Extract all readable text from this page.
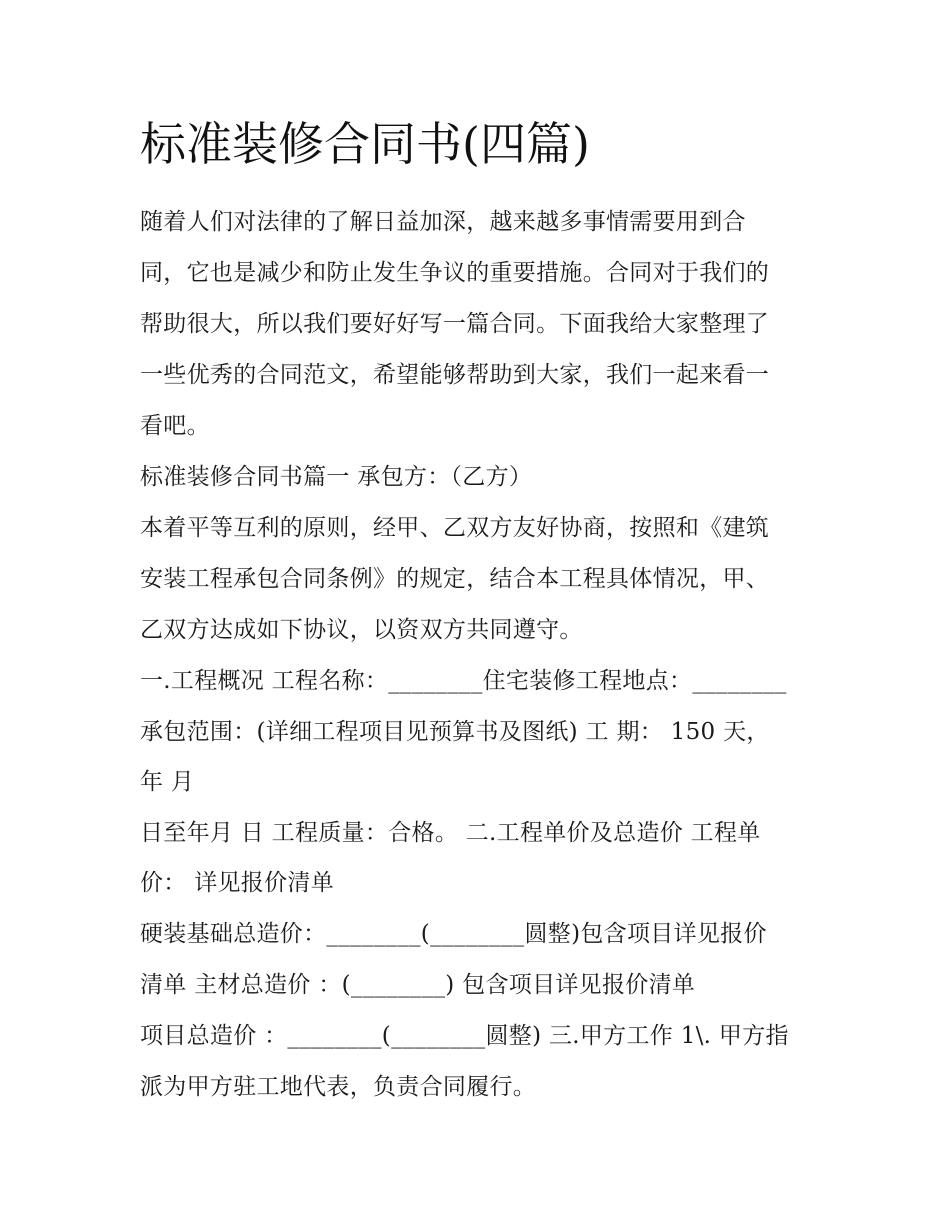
标准装修合同书(四篇)
随着人们对法律的了解日益加深，越来越多事情需要用到合
同，它也是减少和防止发生争议的重要措施。合同对于我们的
帮助很大，所以我们要好好写一篇合同。下面我给大家整理了
一些优秀的合同范文，希望能够帮助到大家，我们一起来看一
看吧。
标准装修合同书篇一 承包方：（乙方）
本着平等互利的原则，经甲、乙双方友好协商，按照和《建筑
安装工程承包合同条例》的规定，结合本工程具体情况，甲、
乙双方达成如下协议，以资双方共同遵守。
一.工程概况 工程名称：________住宅装修工程地点：________
承包范围：(详细工程项目见预算书及图纸) 工 期： 150 天，
年 月
日至年月 日 工程质量：合格。 二.工程单价及总造价 工程单
价： 详见报价清单
硬装基础总造价：________(________圆整)包含项目详见报价
清单 主材总造价 ：(________) 包含项目详见报价清单
项目总造价 ：________(________圆整) 三.甲方工作 1\. 甲方指
派为甲方驻工地代表，负责合同履行。
